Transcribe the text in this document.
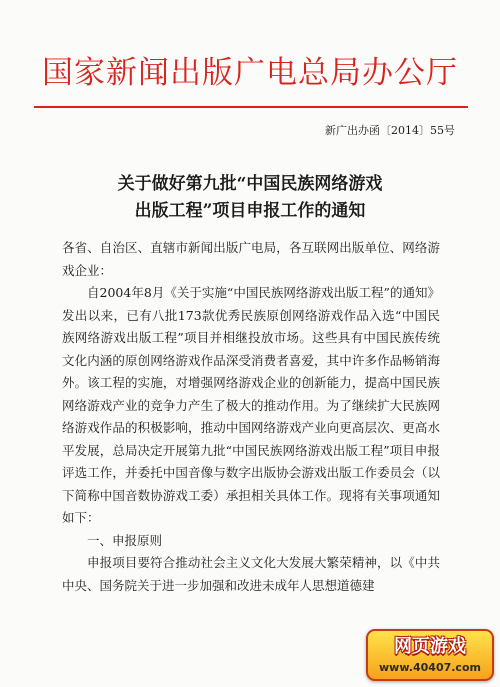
国家新闻出版广电总局办公厅
新广出办函〔2014〕55号
关于做好第九批“中国民族网络游戏
出版工程”项目申报工作的通知

各省、自治区、直辖市新闻出版广电局，各互联网出版单位、网络游戏企业：

自2004年8月《关于实施“中国民族网络游戏出版工程”的通知》发出以来，已有八批173款优秀民族原创网络游戏作品入选“中国民族网络游戏出版工程”项目并相继投放市场。这些具有中国民族传统文化内涵的原创网络游戏作品深受消费者喜爱，其中许多作品畅销海外。该工程的实施，对增强网络游戏企业的创新能力，提高中国民族网络游戏产业的竞争力产生了极大的推动作用。为了继续扩大民族网络游戏作品的积极影响，推动中国网络游戏产业向更高层次、更高水平发展，总局决定开展第九批“中国民族网络游戏出版工程”项目申报评选工作，并委托中国音像与数字出版协会游戏出版工作委员会（以下简称中国音数协游戏工委）承担相关具体工作。现将有关事项通知如下：

一、申报原则

申报项目要符合推动社会主义文化大发展大繁荣精神，以《中共中央、国务院关于进一步加强和改进未成年人思想道德建

网页游戏
www.40407.com
